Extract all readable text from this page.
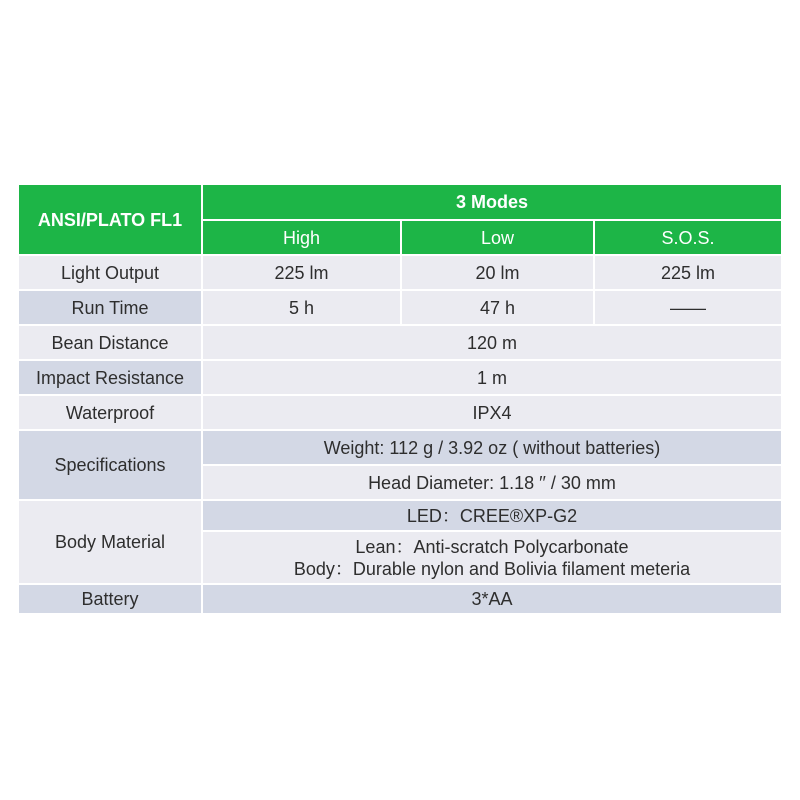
ANSI/PLATO FL1	3 Modes		
	High	Low	S.O.S.
Light Output	225 lm	20 lm	225 lm
Run Time	5 h	47 h	——
Bean Distance	120 m		
Impact Resistance	1 m		
Waterproof	IPX4		
Specifications	Weight: 112 g / 3.92 oz ( without batteries)		
	Head Diameter: 1.18 ′′ / 30 mm		
Body Material	LED：CREE®XP-G2		

	Lean：Anti-scratch Polycarbonate
Body：Durable nylon and Bolivia filament meteria		

Battery	3*AA		
